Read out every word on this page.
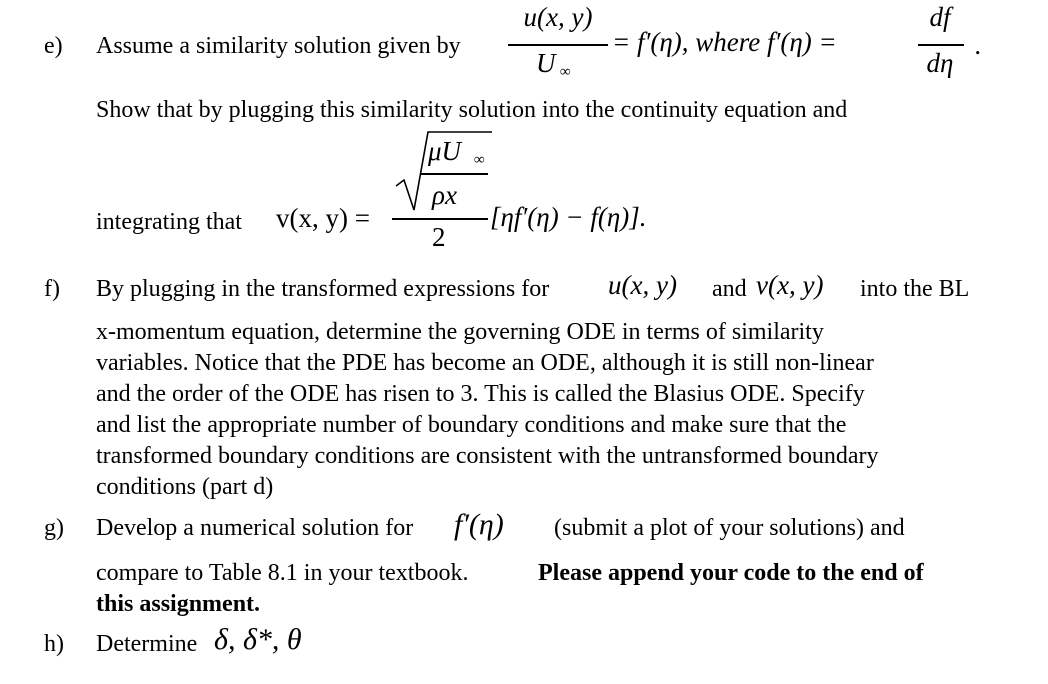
e) Assume a similarity solution given by
u(x, y)
U ∞
= f′(η), where f′(η) =
df
dη
.
Show that by plugging this similarity solution into the continuity equation and
integrating that v(x, y) =
μU ∞
ρx
2
[ηf′(η) − f(η)].
f) By plugging in the transformed expressions for u(x, y) and v(x, y) into the BL
x-momentum equation, determine the governing ODE in terms of similarity
variables. Notice that the PDE has become an ODE, although it is still non-linear
and the order of the ODE has risen to 3. This is called the Blasius ODE. Specify
and list the appropriate number of boundary conditions and make sure that the
transformed boundary conditions are consistent with the untransformed boundary
conditions (part d)
g) Develop a numerical solution for f′(η) (submit a plot of your solutions) and
compare to Table 8.1 in your textbook.	Please append your code to the end of
this assignment.
h) Determine δ, δ*, θ
